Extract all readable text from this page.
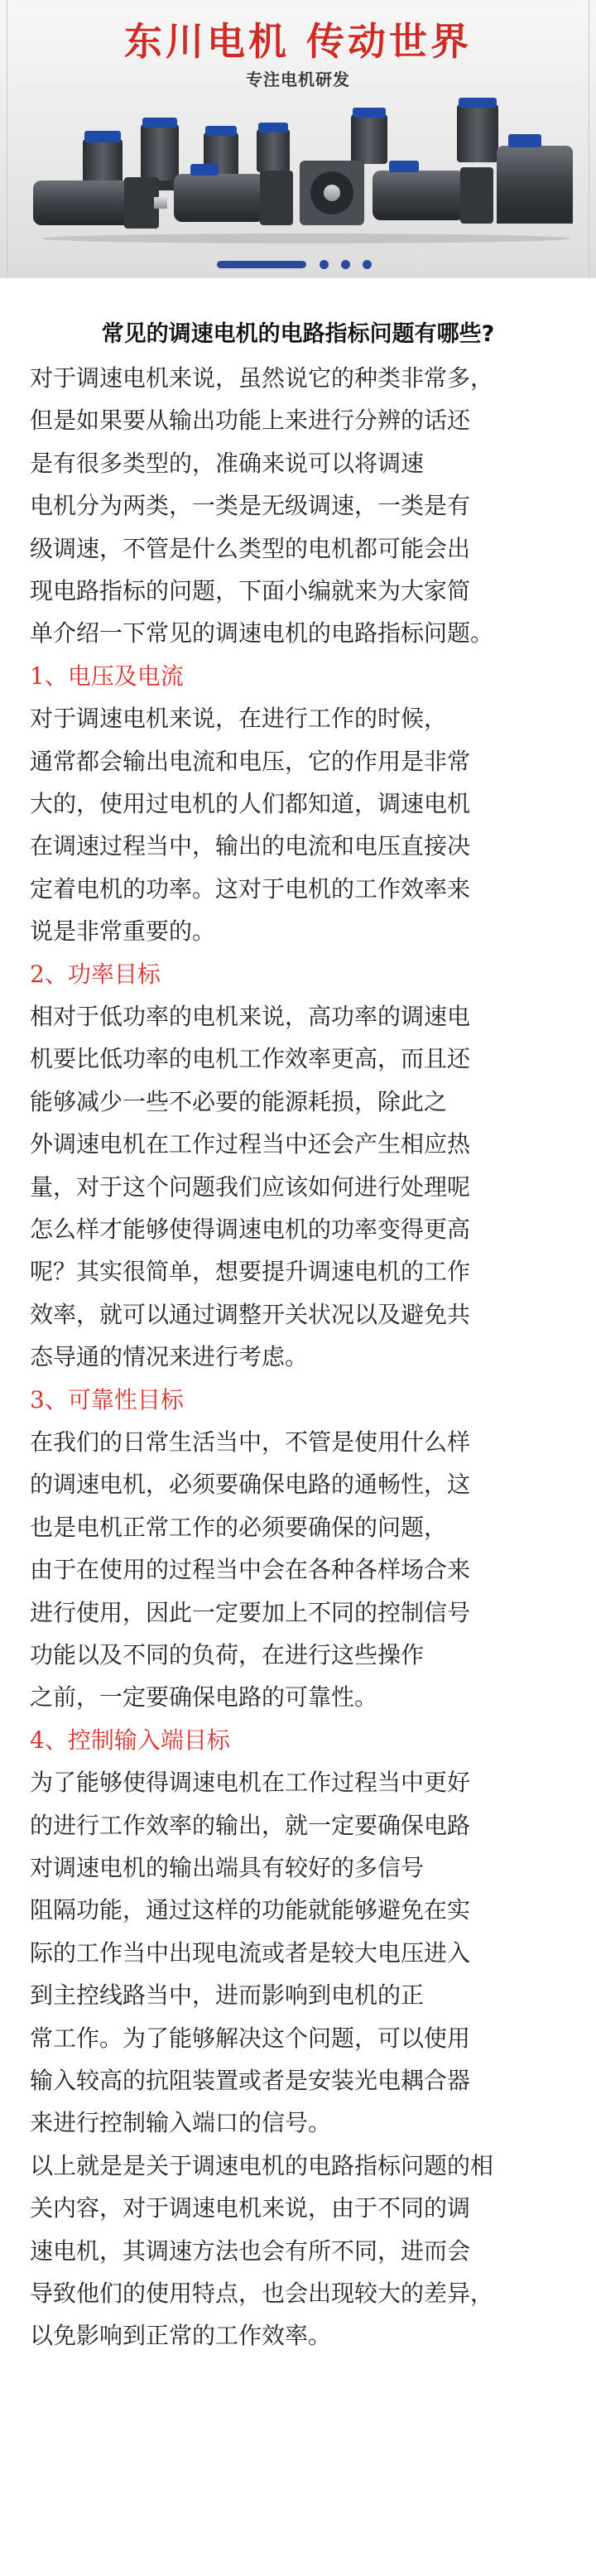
东川电机 传动世界
专注电机研发
常见的调速电机的电路指标问题有哪些?
对于调速电机来说，虽然说它的种类非常多，
但是如果要从输出功能上来进行分辨的话还
是有很多类型的，准确来说可以将调速
电机分为两类，一类是无级调速，一类是有
级调速，不管是什么类型的电机都可能会出
现电路指标的问题，下面小编就来为大家简
单介绍一下常见的调速电机的电路指标问题。
1、电压及电流
对于调速电机来说，在进行工作的时候，
通常都会输出电流和电压，它的作用是非常
大的，使用过电机的人们都知道，调速电机
在调速过程当中，输出的电流和电压直接决
定着电机的功率。这对于电机的工作效率来
说是非常重要的。
2、功率目标
相对于低功率的电机来说，高功率的调速电
机要比低功率的电机工作效率更高，而且还
能够减少一些不必要的能源耗损，除此之
外调速电机在工作过程当中还会产生相应热
量，对于这个问题我们应该如何进行处理呢
怎么样才能够使得调速电机的功率变得更高
呢？其实很简单，想要提升调速电机的工作
效率，就可以通过调整开关状况以及避免共
态导通的情况来进行考虑。
3、可靠性目标
在我们的日常生活当中，不管是使用什么样
的调速电机，必须要确保电路的通畅性，这
也是电机正常工作的必须要确保的问题，
由于在使用的过程当中会在各种各样场合来
进行使用，因此一定要加上不同的控制信号
功能以及不同的负荷，在进行这些操作
之前，一定要确保电路的可靠性。
4、控制输入端目标
为了能够使得调速电机在工作过程当中更好
的进行工作效率的输出，就一定要确保电路
对调速电机的输出端具有较好的多信号
阻隔功能，通过这样的功能就能够避免在实
际的工作当中出现电流或者是较大电压进入
到主控线路当中，进而影响到电机的正
常工作。为了能够解决这个问题，可以使用
输入较高的抗阻装置或者是安装光电耦合器
来进行控制输入端口的信号。
以上就是是关于调速电机的电路指标问题的相
关内容，对于调速电机来说，由于不同的调
速电机，其调速方法也会有所不同，进而会
导致他们的使用特点，也会出现较大的差异，
以免影响到正常的工作效率。
